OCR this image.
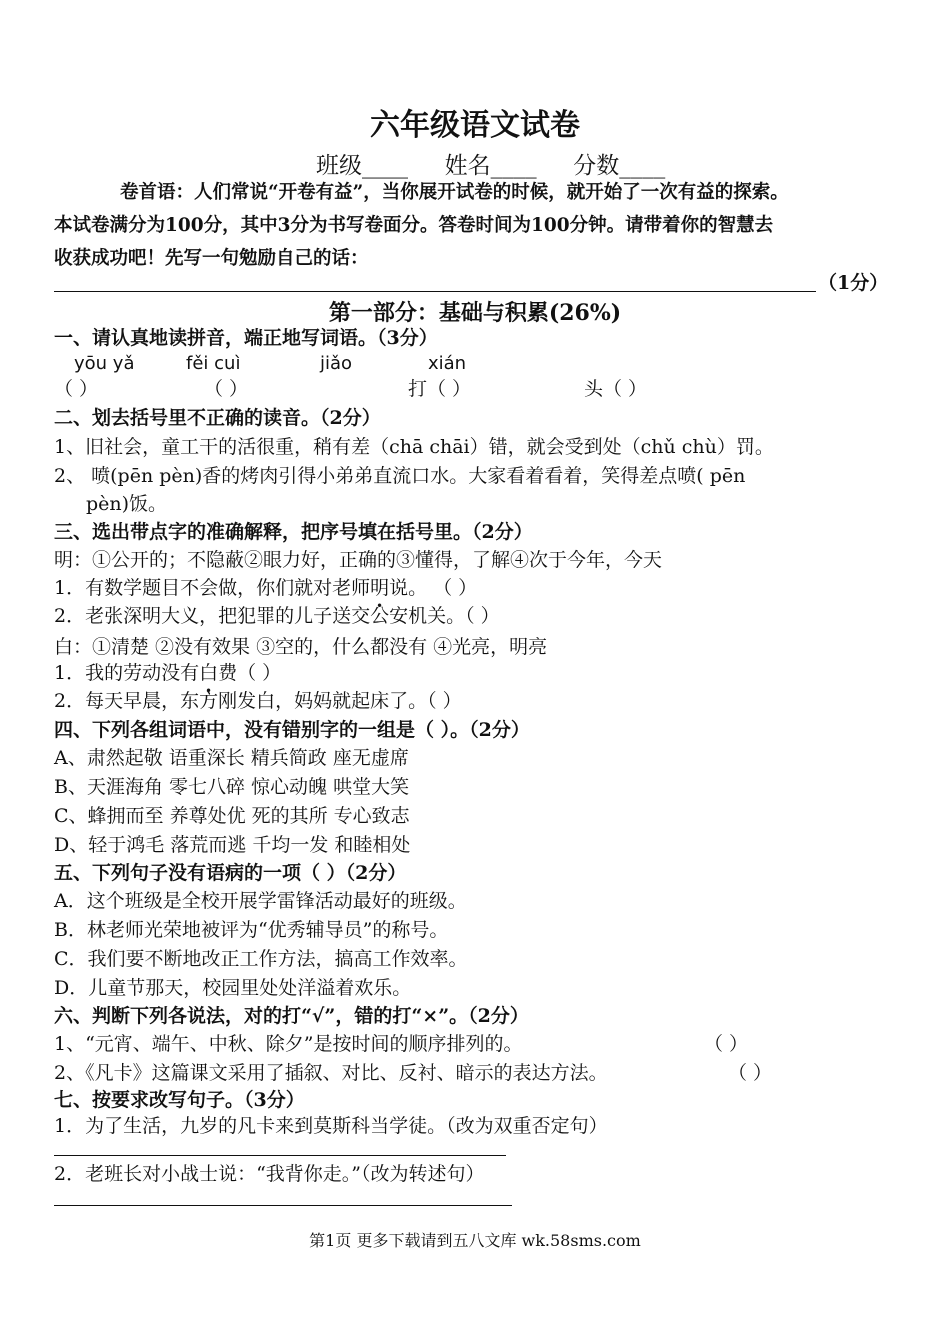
六年级语文试卷
班级____ 姓名____ 分数____
卷首语：人们常说“开卷有益”，当你展开试卷的时候，就开始了一次有益的探索。
本试卷满分为100分，其中3分为书写卷面分。答卷时间为100分钟。请带着你的智慧去
收获成功吧！先写一句勉励自己的话：
（1分）
第一部分：基础与积累(26%)
一、请认真地读拼音，端正地写词语。（3分）
yōu yǎ	fěi cuì	jiǎo	xián
（ ）	（ ）	打（ ）	头（ ）
二、划去括号里不正确的读音。（2分）
1、旧社会，童工干的活很重，稍有差（chā chāi）错，就会受到处（chǔ chù）罚。
2、 喷(pēn pèn)香的烤肉引得小弟弟直流口水。大家看着看着，笑得差点喷( pēn
pèn)饭。
三、选出带点字的准确解释，把序号填在括号里。（2分）
明：①公开的；不隐蔽②眼力好，正确的③懂得，了解④次于今年，今天
1．有数学题目不会做，你们就对老师明说。 （ ）
2．老张深明大义，把犯罪的儿子送交公安机关。（ ）
白：①清楚 ②没有效果 ③空的，什么都没有 ④光亮，明亮
1．我的劳动没有白费（ ）
2．每天早晨，东方刚发白，妈妈就起床了。（ ）
四、下列各组词语中，没有错别字的一组是（ ）。（2分）
A、肃然起敬 语重深长 精兵简政 座无虚席
B、天涯海角 零七八碎 惊心动魄 哄堂大笑
C、蜂拥而至 养尊处优 死的其所 专心致志
D、轻于鸿毛 落荒而逃 千均一发 和睦相处
五、下列句子没有语病的一项（ ）（2分）
A．这个班级是全校开展学雷锋活动最好的班级。
B．林老师光荣地被评为“优秀辅导员”的称号。
C．我们要不断地改正工作方法，搞高工作效率。
D．儿童节那天，校园里处处洋溢着欢乐。
六、判断下列各说法，对的打“√”，错的打“×”。（2分）
1、“元宵、端午、中秋、除夕”是按时间的顺序排列的。	（ ）
2、《凡卡》这篇课文采用了插叙、对比、反衬、暗示的表达方法。	（ ）
七、按要求改写句子。（3分）
1．为了生活，九岁的凡卡来到莫斯科当学徒。（改为双重否定句）
2．老班长对小战士说：“我背你走。”（改为转述句）
第1页 更多下载请到五八文库 wk.58sms.com
